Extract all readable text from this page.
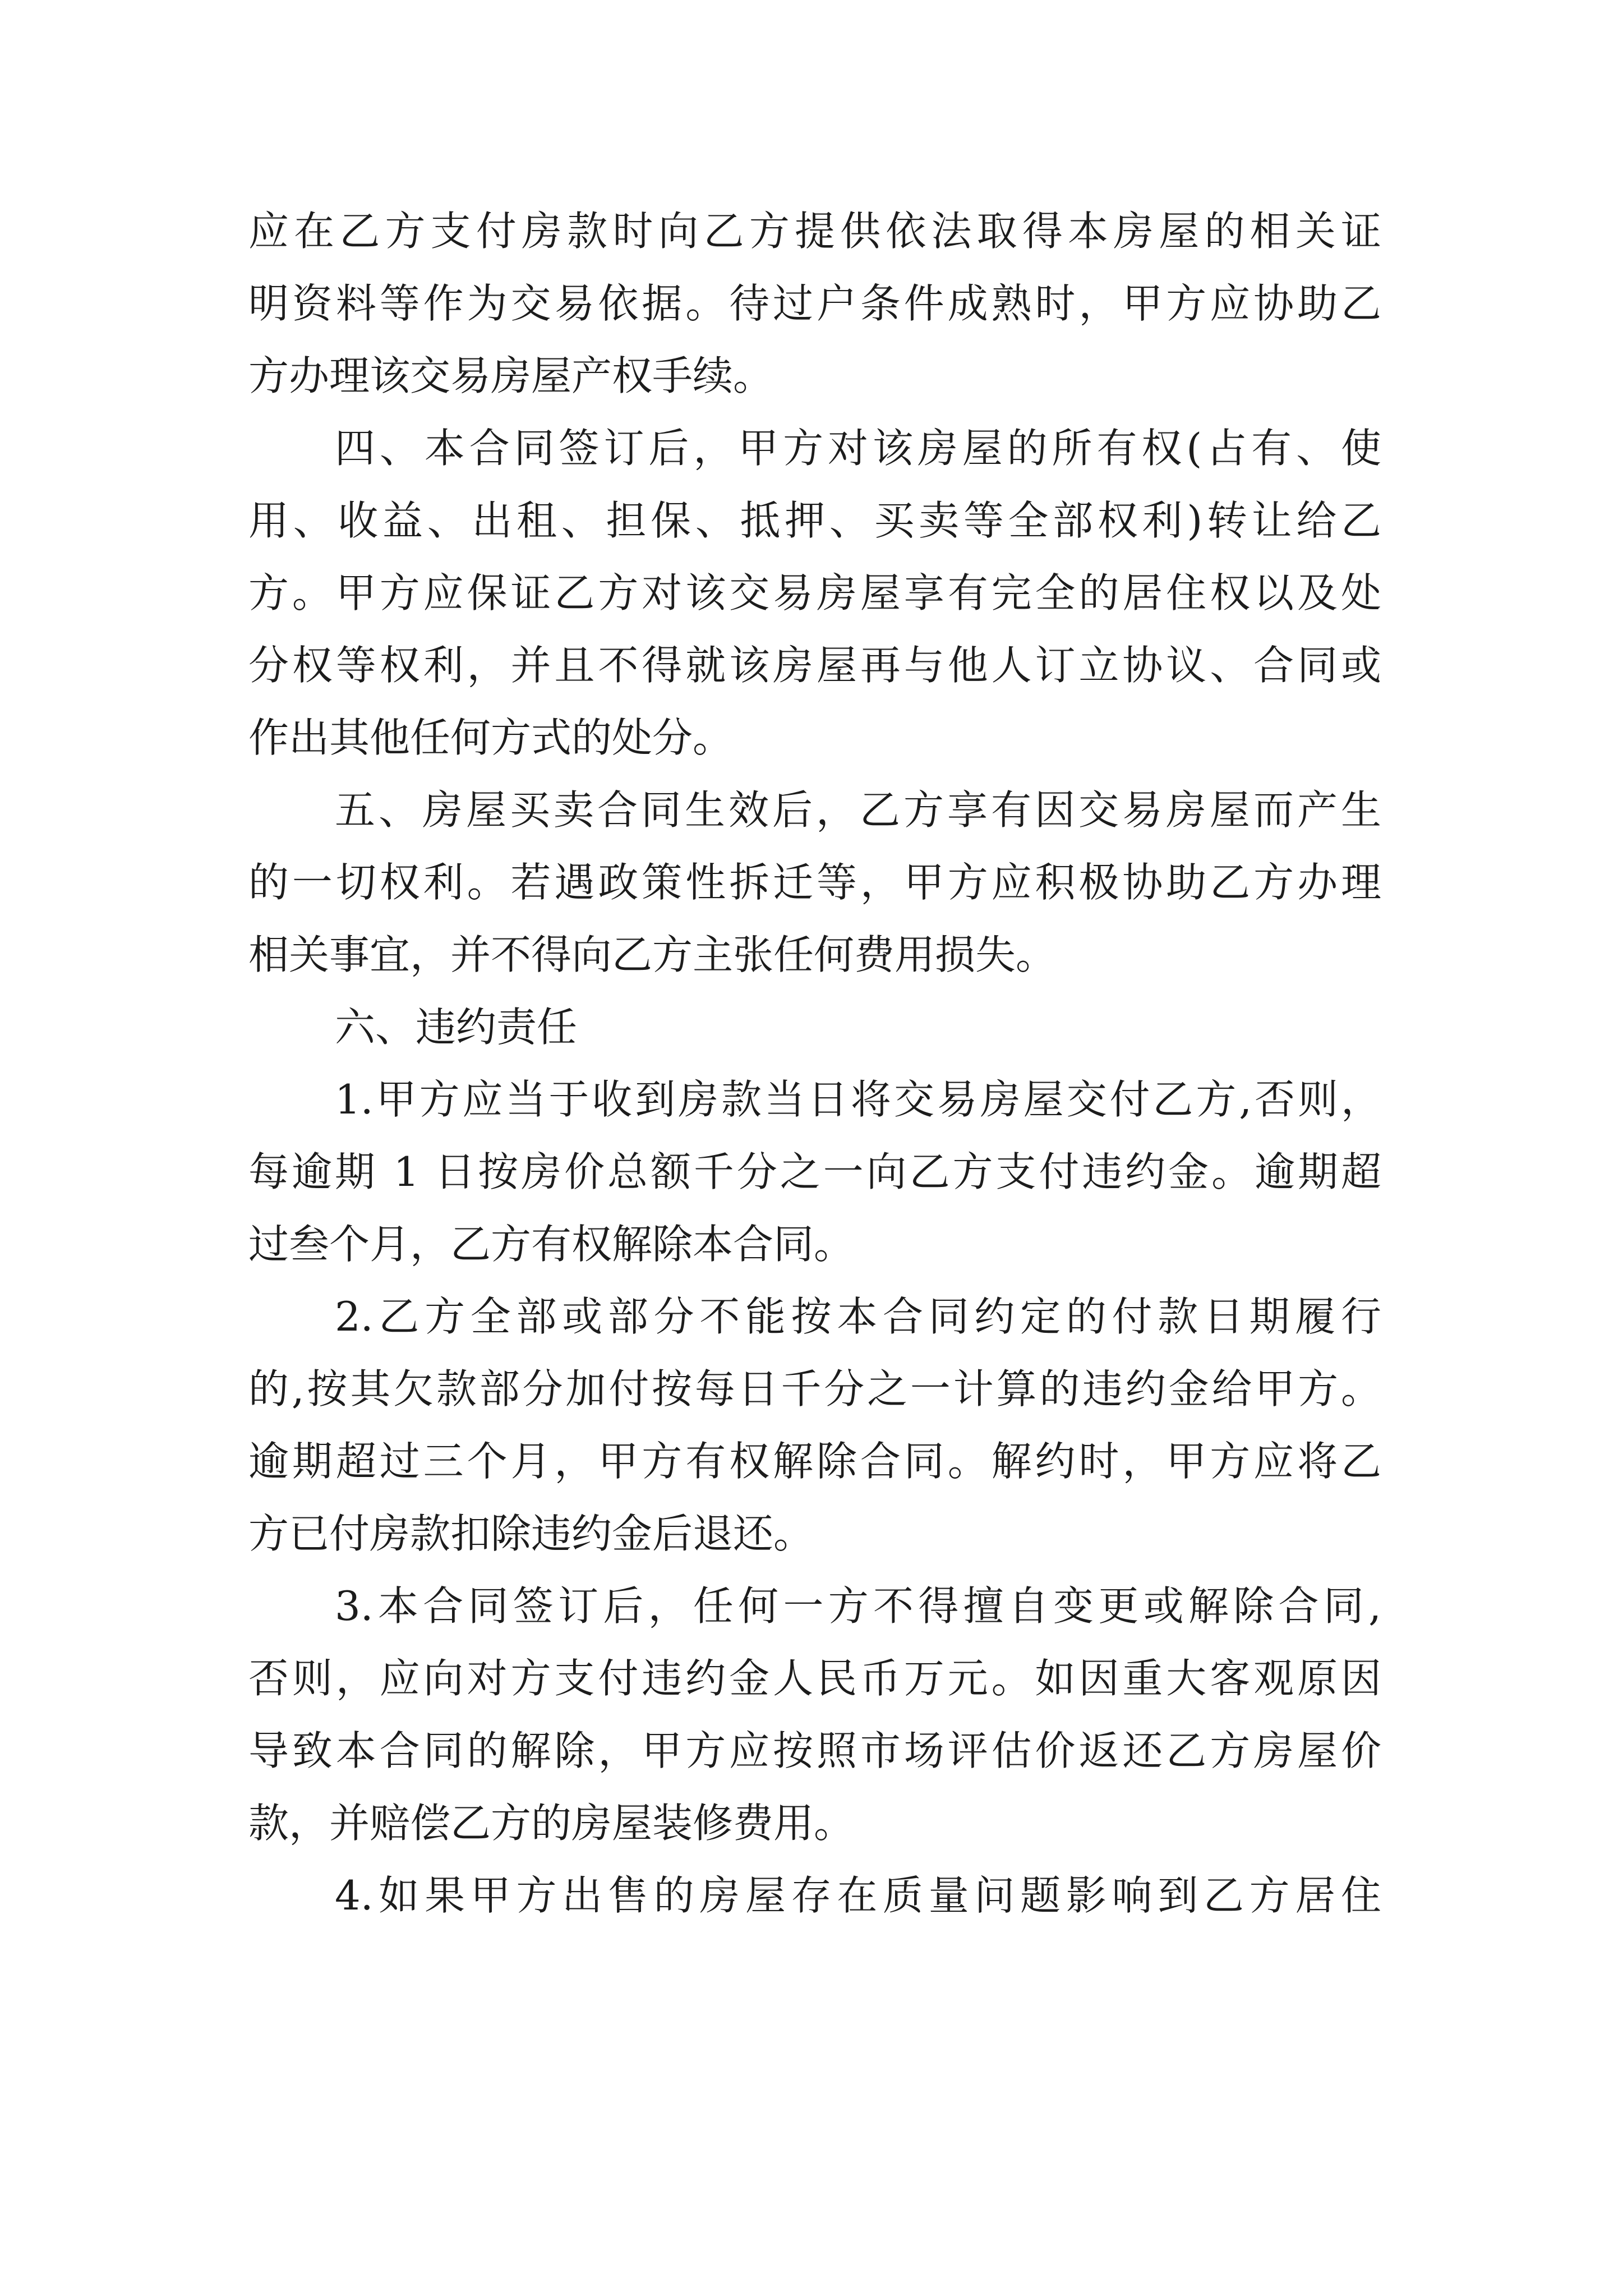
应在乙方支付房款时向乙方提供依法取得本房屋的相关证
明资料等作为交易依据。待过户条件成熟时，甲方应协助乙
方办理该交易房屋产权手续。
四、本合同签订后，甲方对该房屋的所有权(占有、使
用、收益、出租、担保、抵押、买卖等全部权利)转让给乙
方。甲方应保证乙方对该交易房屋享有完全的居住权以及处
分权等权利，并且不得就该房屋再与他人订立协议、合同或
作出其他任何方式的处分。
五、房屋买卖合同生效后，乙方享有因交易房屋而产生
的一切权利。若遇政策性拆迁等，甲方应积极协助乙方办理
相关事宜，并不得向乙方主张任何费用损失。
六、违约责任
1.甲方应当于收到房款当日将交易房屋交付乙方,否则，
每逾期 1 日按房价总额千分之一向乙方支付违约金。逾期超
过叁个月，乙方有权解除本合同。
2.乙方全部或部分不能按本合同约定的付款日期履行
的,按其欠款部分加付按每日千分之一计算的违约金给甲方。
逾期超过三个月，甲方有权解除合同。解约时，甲方应将乙
方已付房款扣除违约金后退还。
3.本合同签订后，任何一方不得擅自变更或解除合同,
否则，应向对方支付违约金人民币万元。如因重大客观原因
导致本合同的解除，甲方应按照市场评估价返还乙方房屋价
款，并赔偿乙方的房屋装修费用。
4.如果甲方出售的房屋存在质量问题影响到乙方居住
